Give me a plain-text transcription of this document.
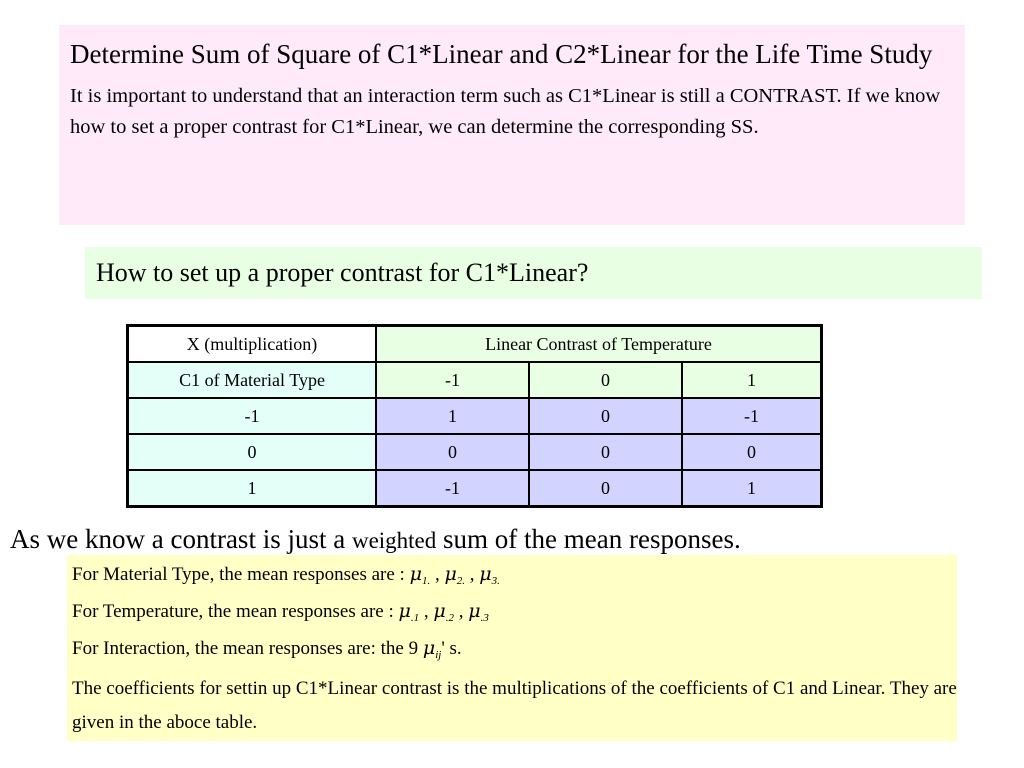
Determine Sum of Square of C1*Linear and C2*Linear for the Life Time Study

It is important to understand that an interaction term such as C1*Linear is still a CONTRAST. If we know how to set a proper contrast for C1*Linear, we can determine the corresponding SS.

How to set up a proper contrast for C1*Linear?
X (multiplication)	Linear Contrast of Temperature		
C1 of Material Type	-1	0	1
-1	1	0	-1
0	0	0	0
1	-1	0	1
As we know a contrast is just a weighted sum of the mean responses.
For Material Type, the mean responses are : $\mu_{1.}$ , $\mu_{2.}$ , $\mu_{3.}$
For Temperature, the mean responses are : $\mu_{.1}$ , $\mu_{.2}$ , $\mu_{.3}$
For Interaction, the mean responses are: the 9 $\mu_{ij}'$ s.
The coefficients for settin up C1*Linear contrast is the multiplications of the coefficients of C1 and Linear. They are given in the aboce table.
